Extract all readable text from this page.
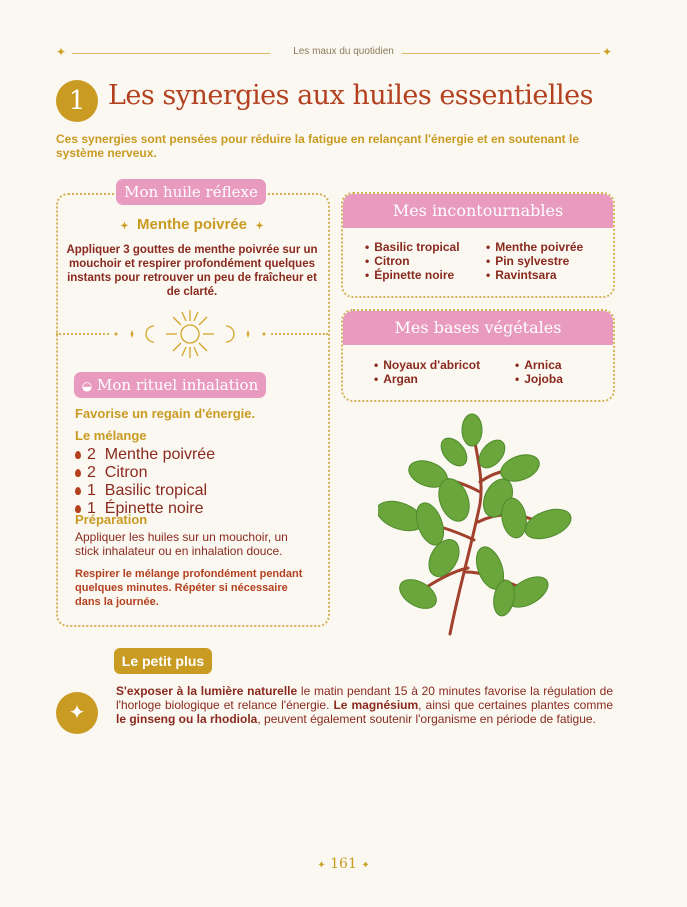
✦	✦
Les maux du quotidien
1 Les synergies aux huiles essentielles
Ces synergies sont pensées pour réduire la fatigue en relançant l'énergie et en soutenant le système nerveux.
Mon huile réflexe
✦ Menthe poivrée ✦
Appliquer 3 gouttes de menthe poivrée sur un mouchoir et respirer profondément quelques instants pour retrouver un peu de fraîcheur et de clarté.
◒ Mon rituel inhalation
Favorise un regain d'énergie.
Le mélange
2 Menthe poivrée
2 Citron
1 Basilic tropical
1 Épinette noire
Préparation
Appliquer les huiles sur un mouchoir, un stick inhalateur ou en inhalation douce.
Respirer le mélange profondément pendant quelques minutes. Répéter si nécessaire dans la journée.
Mes incontournables
• Basilic tropical
• Citron
• Épinette noire
• Menthe poivrée
• Pin sylvestre
• Ravintsara
Mes bases végétales
• Noyaux d'abricot
• Argan
• Arnica
• Jojoba
Le petit plus
✦
S'exposer à la lumière naturelle le matin pendant 15 à 20 minutes favorise la régulation de l'horloge biologique et relance l'énergie. Le magnésium, ainsi que certaines plantes comme le ginseng ou la rhodiola, peuvent également soutenir l'organisme en période de fatigue.
✦ 161 ✦
